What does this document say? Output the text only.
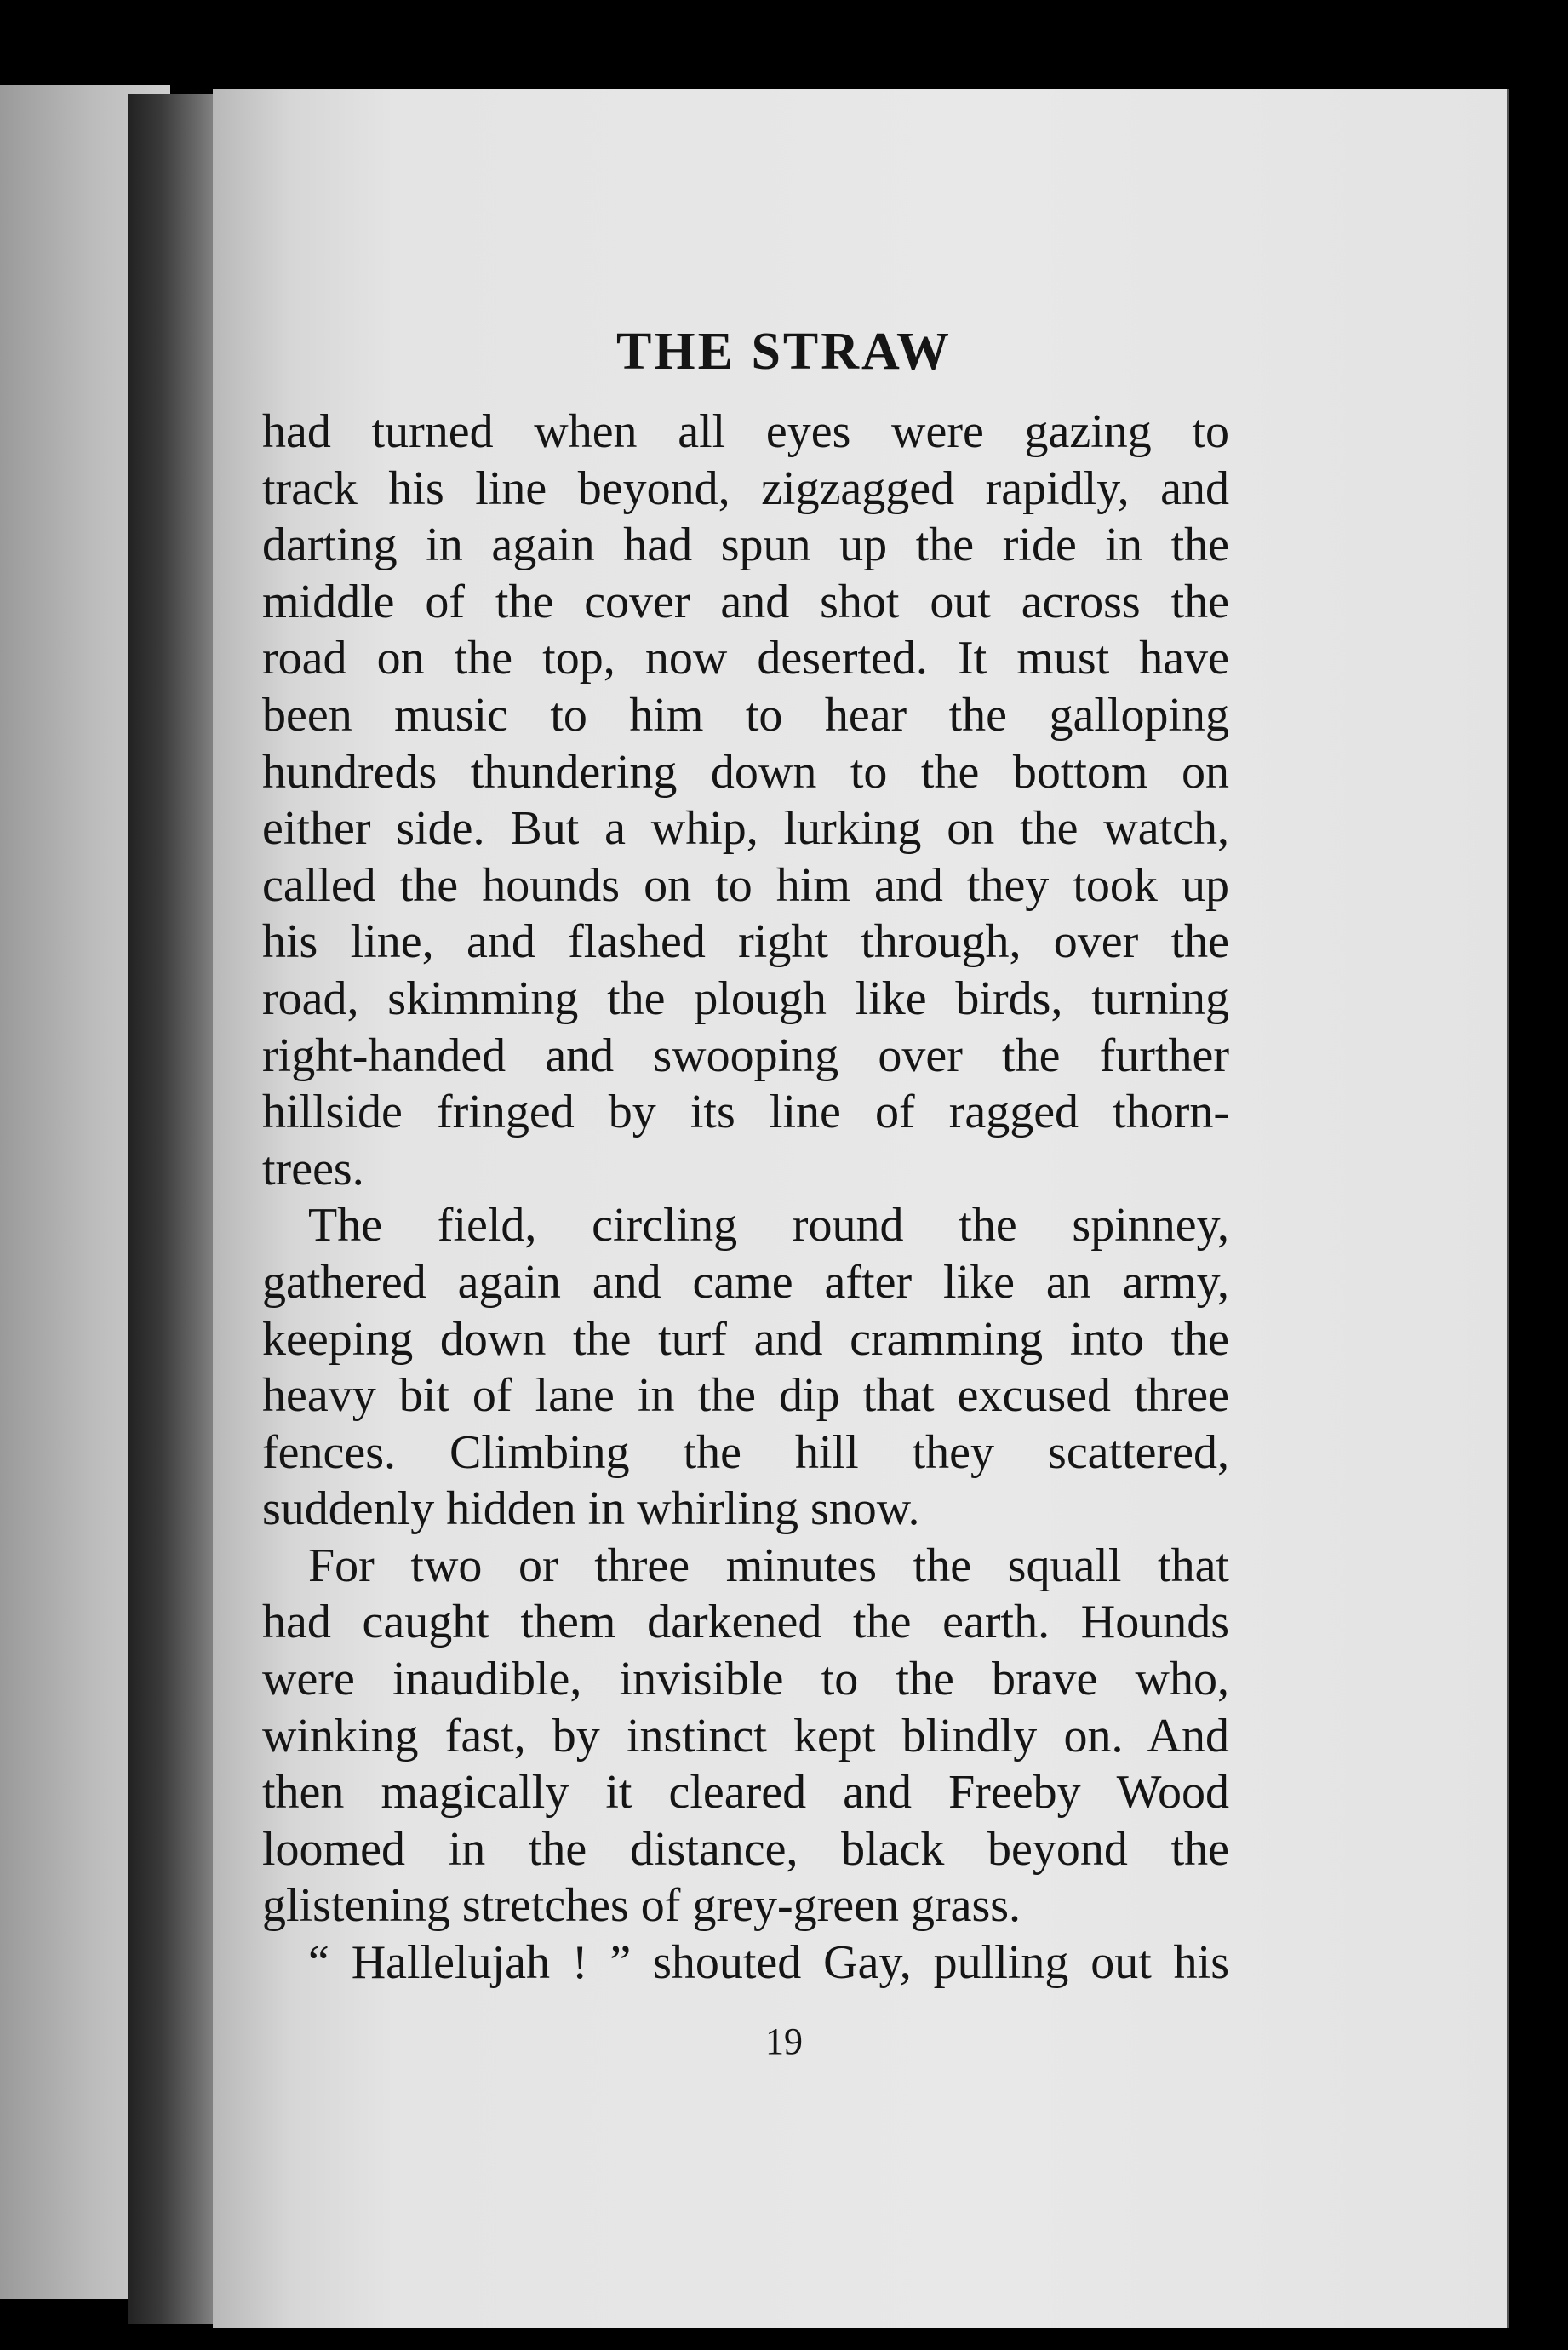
THE STRAW
had turned when all eyes were gazing to
track his line beyond, zigzagged rapidly, and
darting in again had spun up the ride in the
middle of the cover and shot out across the
road on the top, now deserted. It must have
been music to him to hear the galloping
hundreds thundering down to the bottom on
either side. But a whip, lurking on the watch,
called the hounds on to him and they took up
his line, and flashed right through, over the
road, skimming the plough like birds, turning
right-handed and swooping over the further
hillside fringed by its line of ragged thorn-
trees.
The field, circling round the spinney,
gathered again and came after like an army,
keeping down the turf and cramming into the
heavy bit of lane in the dip that excused three
fences. Climbing the hill they scattered,
suddenly hidden in whirling snow.
For two or three minutes the squall that
had caught them darkened the earth. Hounds
were inaudible, invisible to the brave who,
winking fast, by instinct kept blindly on. And
then magically it cleared and Freeby Wood
loomed in the distance, black beyond the
glistening stretches of grey-green grass.
“ Hallelujah ! ” shouted Gay, pulling out his
19
